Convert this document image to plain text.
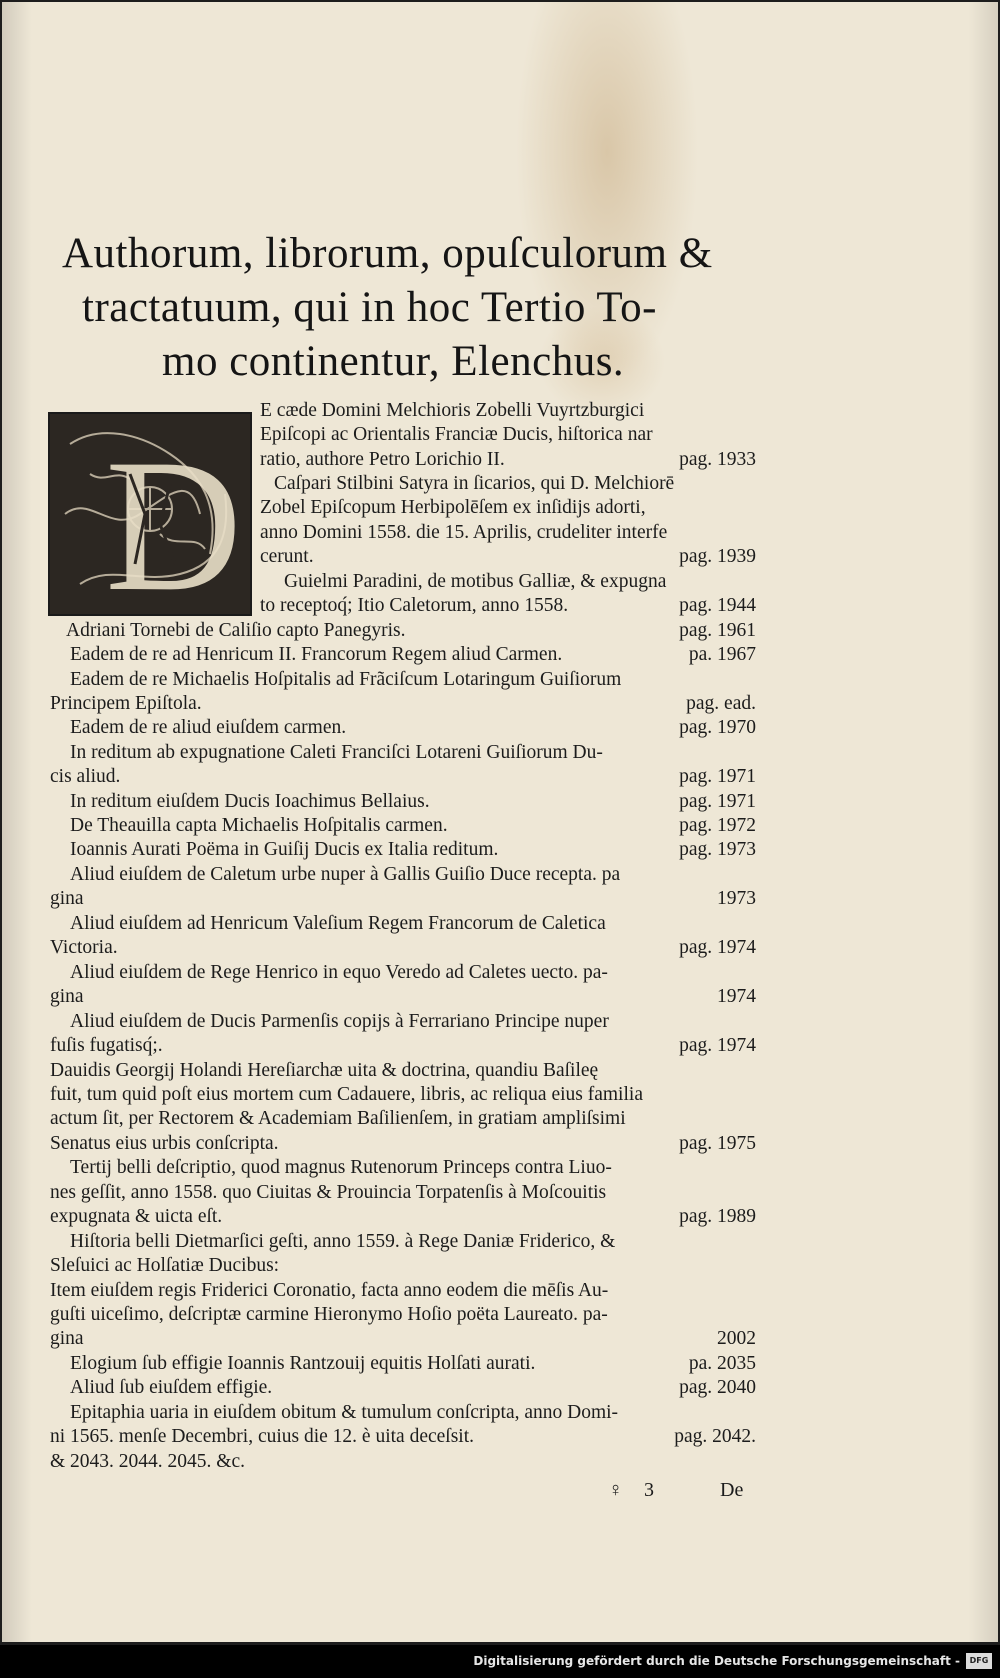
Authorum, librorum, opuſculorum &
tractatuum, qui in hoc Tertio To-
mo continentur, Elenchus.
D
E cæde Domini Melchioris Zobelli Vuyrtzburgici
Epiſcopi ac Orientalis Franciæ Ducis, hiſtorica nar
ratio, authore Petro Lorichio II.	pag. 1933
Caſpari Stilbini Satyra in ſicarios, qui D. Melchiorē
Zobel Epiſcopum Herbipolēſem ex inſidijs adorti,
anno Domini 1558. die 15. Aprilis, crudeliter interfe
cerunt.	pag. 1939
Guielmi Paradini, de motibus Galliæ, & expugna
to receptoq́; Itio Caletorum, anno 1558.	pag. 1944
Adriani Tornebi de Caliſio capto Panegyris.	pag. 1961
Eadem de re ad Henricum II. Francorum Regem aliud Carmen.	pa. 1967
Eadem de re Michaelis Hoſpitalis ad Frãciſcum Lotaringum Guiſiorum
Principem Epiſtola.	pag. ead.
Eadem de re aliud eiuſdem carmen.	pag. 1970
In reditum ab expugnatione Caleti Franciſci Lotareni Guiſiorum Du-
cis aliud.	pag. 1971
In reditum eiuſdem Ducis Ioachimus Bellaius.	pag. 1971
De Theauilla capta Michaelis Hoſpitalis carmen.	pag. 1972
Ioannis Aurati Poëma in Guiſij Ducis ex Italia reditum.	pag. 1973
Aliud eiuſdem de Caletum urbe nuper à Gallis Guiſio Duce recepta. pa
gina	1973
Aliud eiuſdem ad Henricum Valeſium Regem Francorum de Caletica
Victoria.	pag. 1974
Aliud eiuſdem de Rege Henrico in equo Veredo ad Caletes uecto. pa-
gina	1974
Aliud eiuſdem de Ducis Parmenſis copijs à Ferrariano Principe nuper
fuſis fugatisq́;.	pag. 1974
Dauidis Georgij Holandi Hereſiarchæ uita & doctrina, quandiu Baſileę
fuit, tum quid poſt eius mortem cum Cadauere, libris, ac reliqua eius familia
actum ſit, per Rectorem & Academiam Baſilienſem, in gratiam ampliſsimi
Senatus eius urbis conſcripta.	pag. 1975
Tertij belli deſcriptio, quod magnus Rutenorum Princeps contra Liuo-
nes geſſit, anno 1558. quo Ciuitas & Prouincia Torpatenſis à Moſcouitis
expugnata & uicta eſt.	pag. 1989
Hiſtoria belli Dietmarſici geſti, anno 1559. à Rege Daniæ Friderico, &
Sleſuici ac Holſatiæ Ducibus:
Item eiuſdem regis Friderici Coronatio, facta anno eodem die mēſis Au-
guſti uiceſimo, deſcriptæ carmine Hieronymo Hoſio poëta Laureato. pa-
gina	2002
Elogium ſub effigie Ioannis Rantzouij equitis Holſati aurati.	pa. 2035
Aliud ſub eiuſdem effigie.	pag. 2040
Epitaphia uaria in eiuſdem obitum & tumulum conſcripta, anno Domi-
ni 1565. menſe Decembri, cuius die 12. è uita deceſsit.	pag. 2042.
& 2043. 2044. 2045. &c.
♀ 3	De
Digitalisierung gefördert durch die Deutsche Forschungsgemeinschaft -	DFG
